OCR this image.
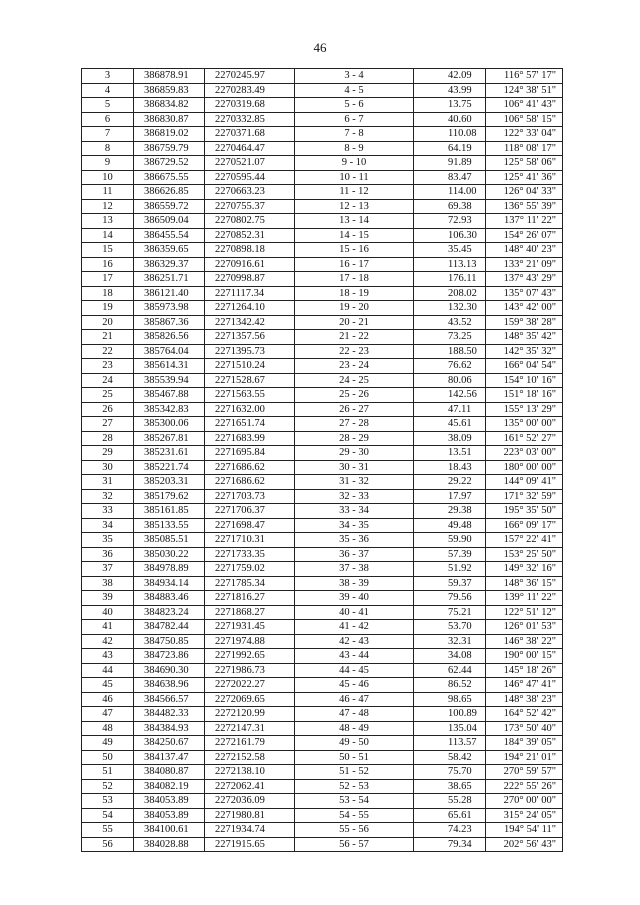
46
3	386878.91	2270245.97	3 - 4	42.09	116° 57' 17"
4	386859.83	2270283.49	4 - 5	43.99	124° 38' 51"
5	386834.82	2270319.68	5 - 6	13.75	106° 41' 43"
6	386830.87	2270332.85	6 - 7	40.60	106° 58' 15"
7	386819.02	2270371.68	7 - 8	110.08	122° 33' 04"
8	386759.79	2270464.47	8 - 9	64.19	118° 08' 17"
9	386729.52	2270521.07	9 - 10	91.89	125° 58' 06"
10	386675.55	2270595.44	10 - 11	83.47	125° 41' 36"
11	386626.85	2270663.23	11 - 12	114.00	126° 04' 33"
12	386559.72	2270755.37	12 - 13	69.38	136° 55' 39"
13	386509.04	2270802.75	13 - 14	72.93	137° 11' 22"
14	386455.54	2270852.31	14 - 15	106.30	154° 26' 07"
15	386359.65	2270898.18	15 - 16	35.45	148° 40' 23"
16	386329.37	2270916.61	16 - 17	113.13	133° 21' 09"
17	386251.71	2270998.87	17 - 18	176.11	137° 43' 29"
18	386121.40	2271117.34	18 - 19	208.02	135° 07' 43"
19	385973.98	2271264.10	19 - 20	132.30	143° 42' 00"
20	385867.36	2271342.42	20 - 21	43.52	159° 38' 28"
21	385826.56	2271357.56	21 - 22	73.25	148° 35' 42"
22	385764.04	2271395.73	22 - 23	188.50	142° 35' 32"
23	385614.31	2271510.24	23 - 24	76.62	166° 04' 54"
24	385539.94	2271528.67	24 - 25	80.06	154° 10' 16"
25	385467.88	2271563.55	25 - 26	142.56	151° 18' 16"
26	385342.83	2271632.00	26 - 27	47.11	155° 13' 29"
27	385300.06	2271651.74	27 - 28	45.61	135° 00' 00"
28	385267.81	2271683.99	28 - 29	38.09	161° 52' 27"
29	385231.61	2271695.84	29 - 30	13.51	223° 03' 00"
30	385221.74	2271686.62	30 - 31	18.43	180° 00' 00"
31	385203.31	2271686.62	31 - 32	29.22	144° 09' 41"
32	385179.62	2271703.73	32 - 33	17.97	171° 32' 59"
33	385161.85	2271706.37	33 - 34	29.38	195° 35' 50"
34	385133.55	2271698.47	34 - 35	49.48	166° 09' 17"
35	385085.51	2271710.31	35 - 36	59.90	157° 22' 41"
36	385030.22	2271733.35	36 - 37	57.39	153° 25' 50"
37	384978.89	2271759.02	37 - 38	51.92	149° 32' 16"
38	384934.14	2271785.34	38 - 39	59.37	148° 36' 15"
39	384883.46	2271816.27	39 - 40	79.56	139° 11' 22"
40	384823.24	2271868.27	40 - 41	75.21	122° 51' 12"
41	384782.44	2271931.45	41 - 42	53.70	126° 01' 53"
42	384750.85	2271974.88	42 - 43	32.31	146° 38' 22"
43	384723.86	2271992.65	43 - 44	34.08	190° 00' 15"
44	384690.30	2271986.73	44 - 45	62.44	145° 18' 26"
45	384638.96	2272022.27	45 - 46	86.52	146° 47' 41"
46	384566.57	2272069.65	46 - 47	98.65	148° 38' 23"
47	384482.33	2272120.99	47 - 48	100.89	164° 52' 42"
48	384384.93	2272147.31	48 - 49	135.04	173° 50' 40"
49	384250.67	2272161.79	49 - 50	113.57	184° 39' 05"
50	384137.47	2272152.58	50 - 51	58.42	194° 21' 01"
51	384080.87	2272138.10	51 - 52	75.70	270° 59' 57"
52	384082.19	2272062.41	52 - 53	38.65	222° 55' 26"
53	384053.89	2272036.09	53 - 54	55.28	270° 00' 00"
54	384053.89	2271980.81	54 - 55	65.61	315° 24' 05"
55	384100.61	2271934.74	55 - 56	74.23	194° 54' 11"
56	384028.88	2271915.65	56 - 57	79.34	202° 56' 43"
